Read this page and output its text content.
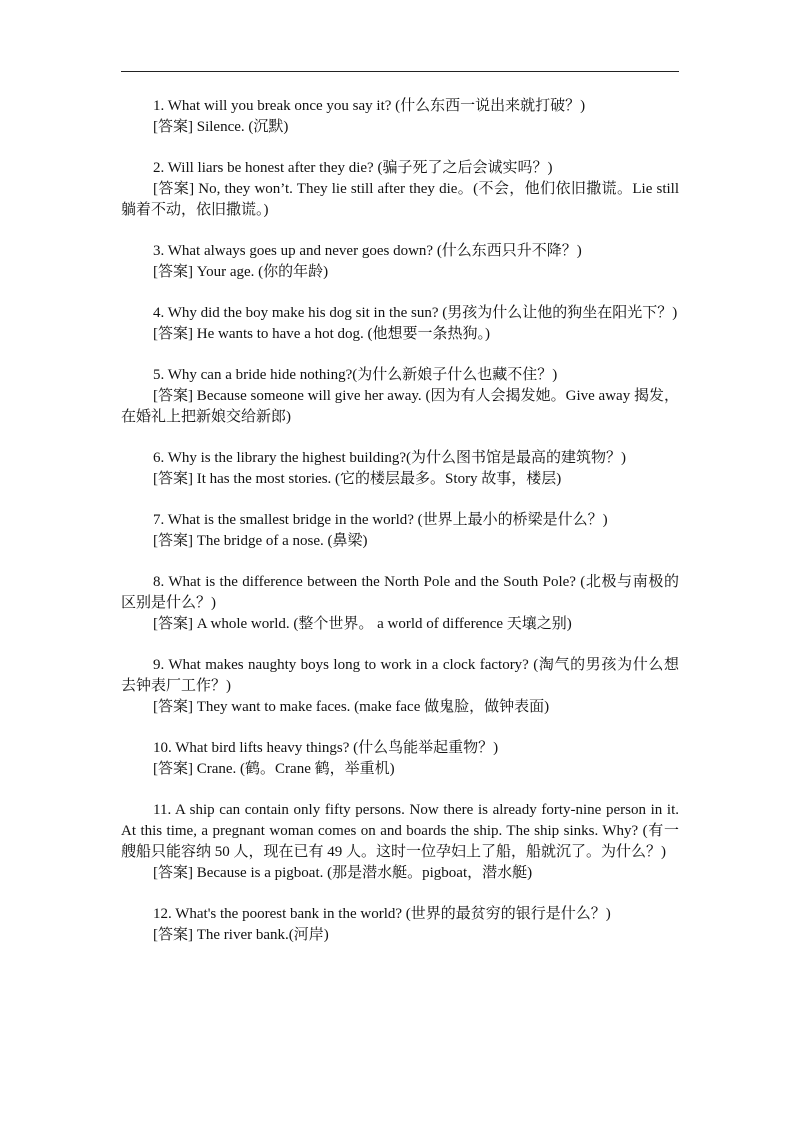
1. What will you break once you say it? (什么东西一说出来就打破？)

[答案] Silence. (沉默)

2. Will liars be honest after they die? (骗子死了之后会诚实吗？)

[答案] No, they won’t. They lie still after they die。(不会，他们依旧撒谎。Lie still 躺着不动，依旧撒谎。)

3. What always goes up and never goes down? (什么东西只升不降？)

[答案] Your age. (你的年龄)

4. Why did the boy make his dog sit in the sun? (男孩为什么让他的狗坐在阳光下？)

[答案] He wants to have a hot dog. (他想要一条热狗。)

5. Why can a bride hide nothing?(为什么新娘子什么也藏不住？)

[答案] Because someone will give her away. (因为有人会揭发她。Give away 揭发，在婚礼上把新娘交给新郎)

6. Why is the library the highest building?(为什么图书馆是最高的建筑物？)

[答案] It has the most stories. (它的楼层最多。Story 故事，楼层)

7. What is the smallest bridge in the world? (世界上最小的桥梁是什么？)

[答案] The bridge of a nose. (鼻梁)

8. What is the difference between the North Pole and the South Pole? (北极与南极的区别是什么？)

[答案] A whole world. (整个世界。 a world of difference 天壤之别)

9. What makes naughty boys long to work in a clock factory? (淘气的男孩为什么想去钟表厂工作？)

[答案] They want to make faces. (make face 做鬼脸，做钟表面)

10. What bird lifts heavy things? (什么鸟能举起重物？)

[答案] Crane. (鹤。Crane 鹤，举重机)

11. A ship can contain only fifty persons. Now there is already forty-nine person in it. At this time, a pregnant woman comes on and boards the ship. The ship sinks. Why? (有一艘船只能容纳 50 人，现在已有 49 人。这时一位孕妇上了船，船就沉了。为什么？)

[答案] Because is a pigboat. (那是潜水艇。pigboat，潜水艇)

12. What's the poorest bank in the world? (世界的最贫穷的银行是什么？)

[答案] The river bank.(河岸)
